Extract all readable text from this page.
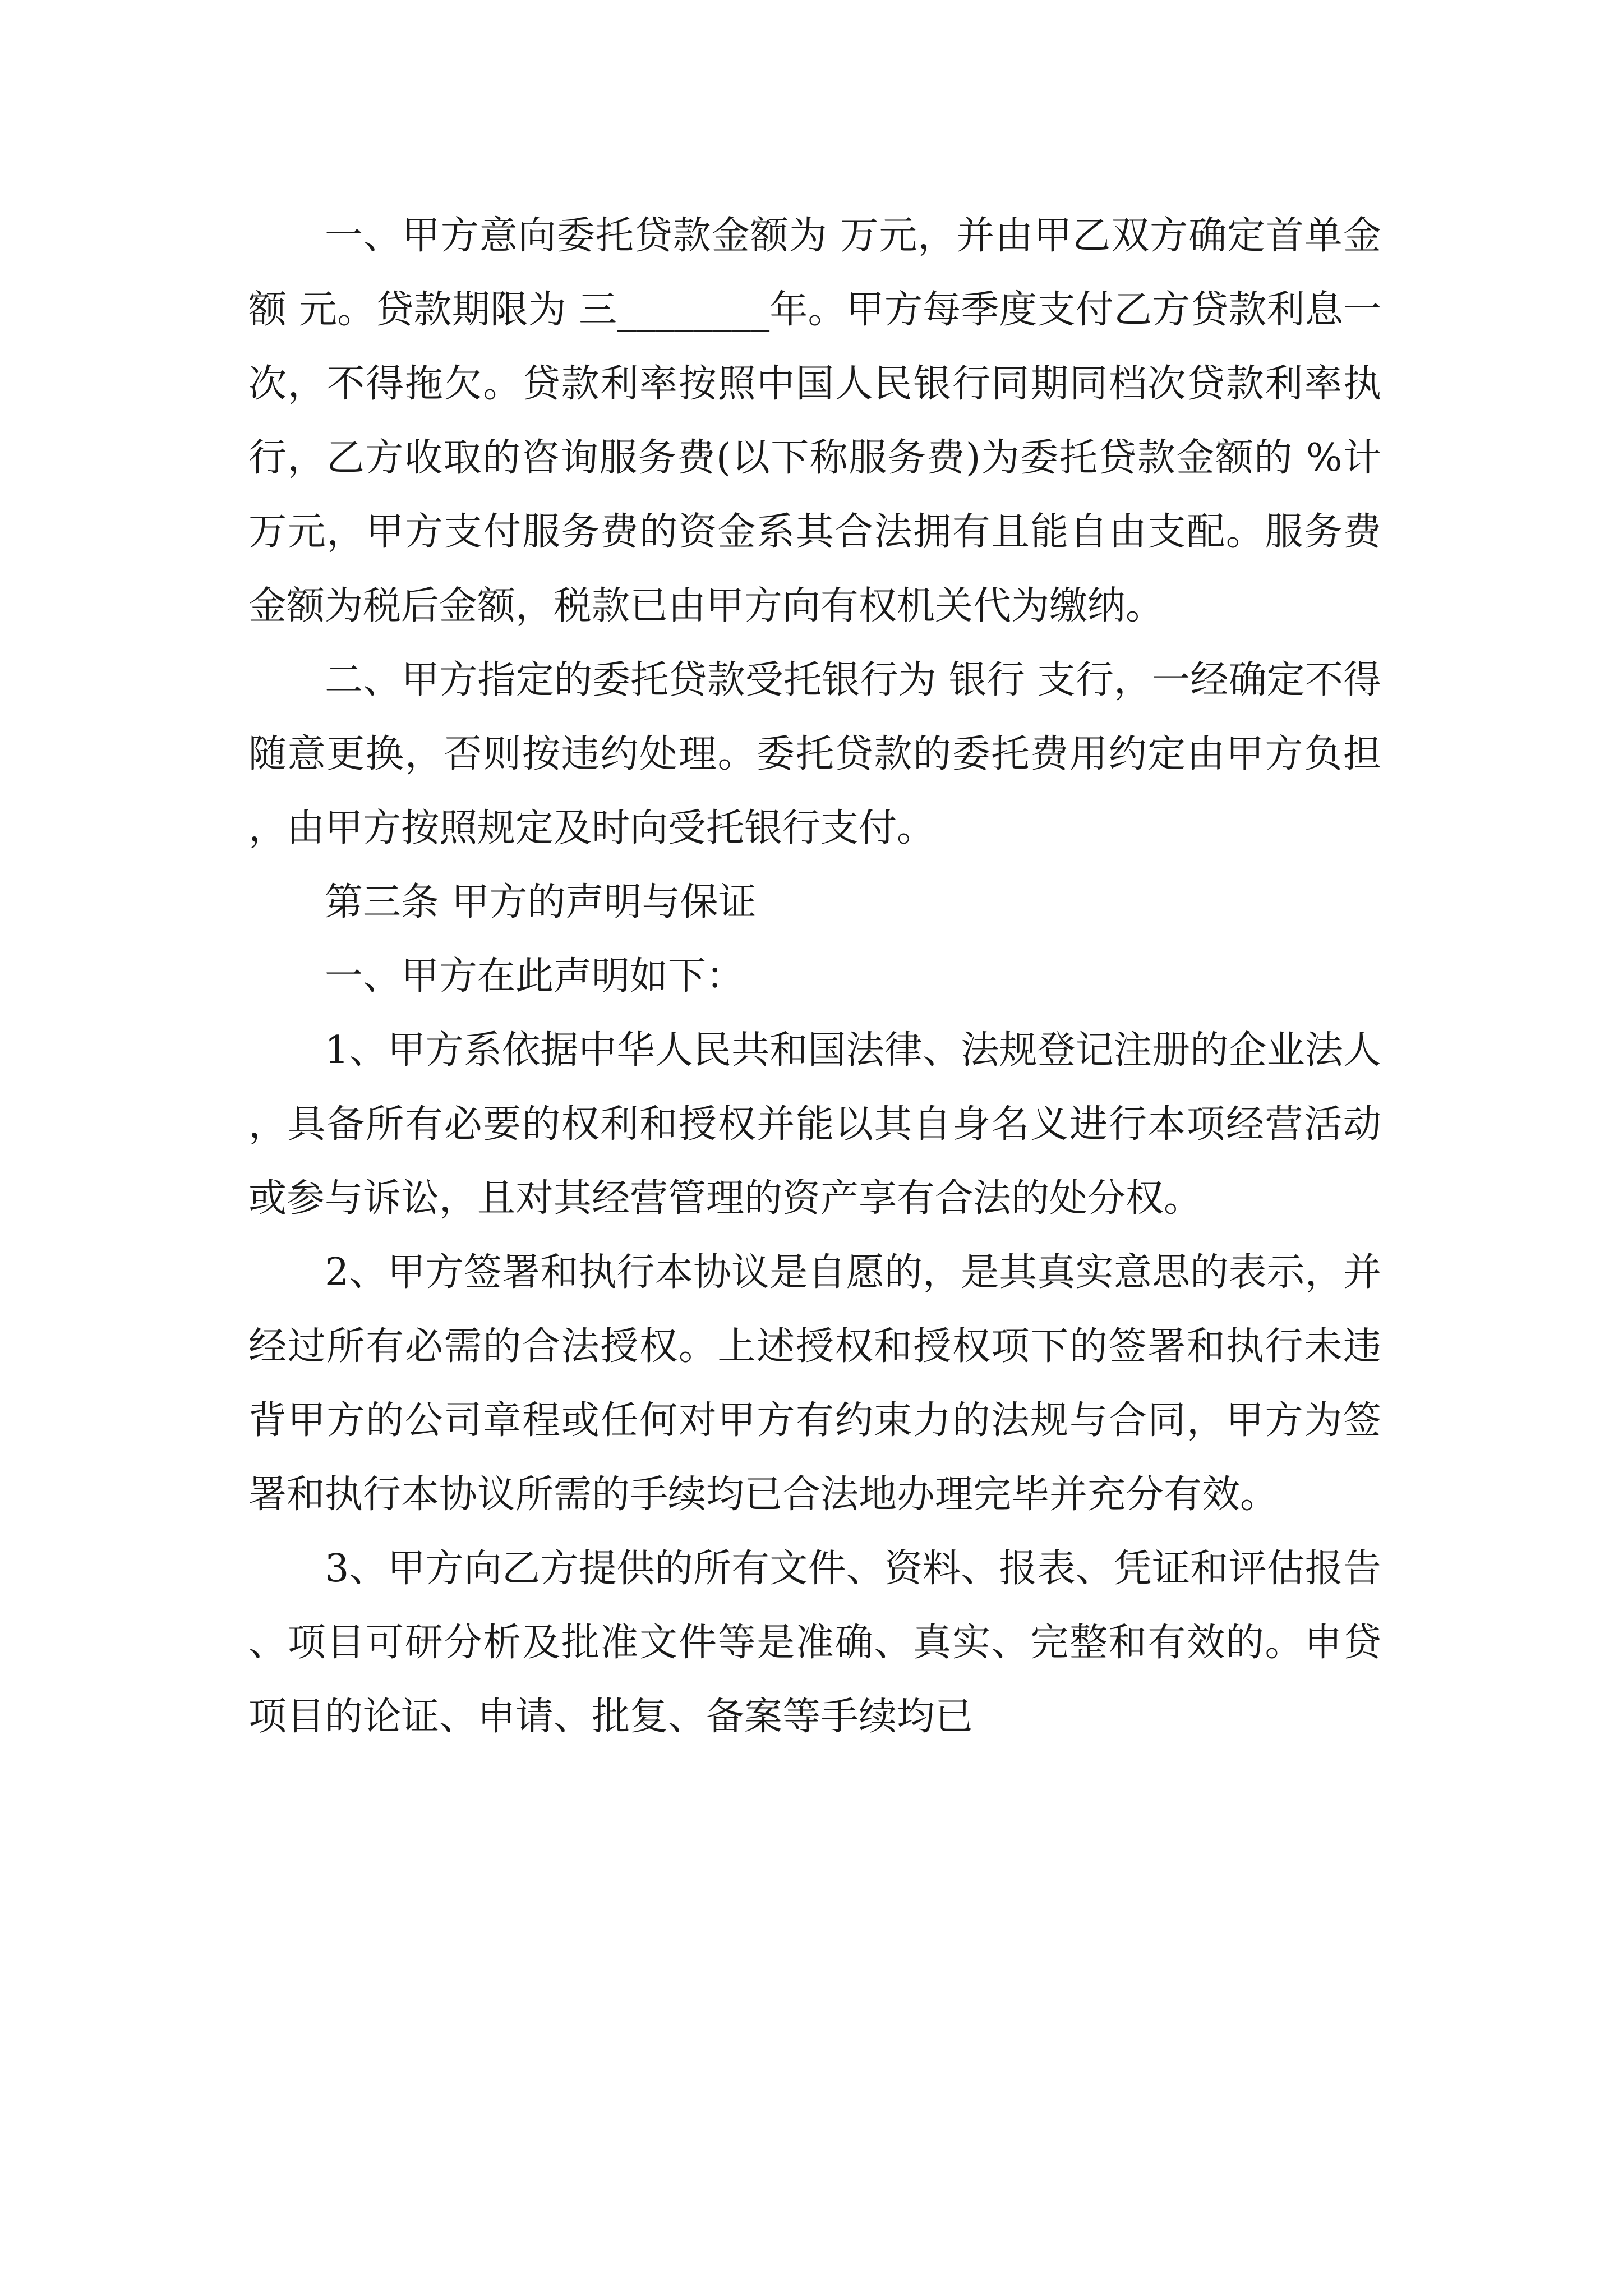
一、甲方意向委托贷款金额为 万元，并由甲乙双方确定首单金额 元。贷款期限为 三________年。甲方每季度支付乙方贷款利息一次，不得拖欠。贷款利率按照中国人民银行同期同档次贷款利率执行，乙方收取的咨询服务费(以下称服务费)为委托贷款金额的 %计 万元，甲方支付服务费的资金系其合法拥有且能自由支配。服务费金额为税后金额，税款已由甲方向有权机关代为缴纳。

二、甲方指定的委托贷款受托银行为 银行 支行，一经确定不得随意更换，否则按违约处理。委托贷款的委托费用约定由甲方负担，由甲方按照规定及时向受托银行支付。

第三条 甲方的声明与保证

一、甲方在此声明如下：

1、甲方系依据中华人民共和国法律、法规登记注册的企业法人，具备所有必要的权利和授权并能以其自身名义进行本项经营活动或参与诉讼，且对其经营管理的资产享有合法的处分权。

2、甲方签署和执行本协议是自愿的，是其真实意思的表示，并经过所有必需的合法授权。上述授权和授权项下的签署和执行未违背甲方的公司章程或任何对甲方有约束力的法规与合同，甲方为签署和执行本协议所需的手续均已合法地办理完毕并充分有效。

3、甲方向乙方提供的所有文件、资料、报表、凭证和评估报告、项目可研分析及批准文件等是准确、真实、完整和有效的。申贷项目的论证、申请、批复、备案等手续均已
